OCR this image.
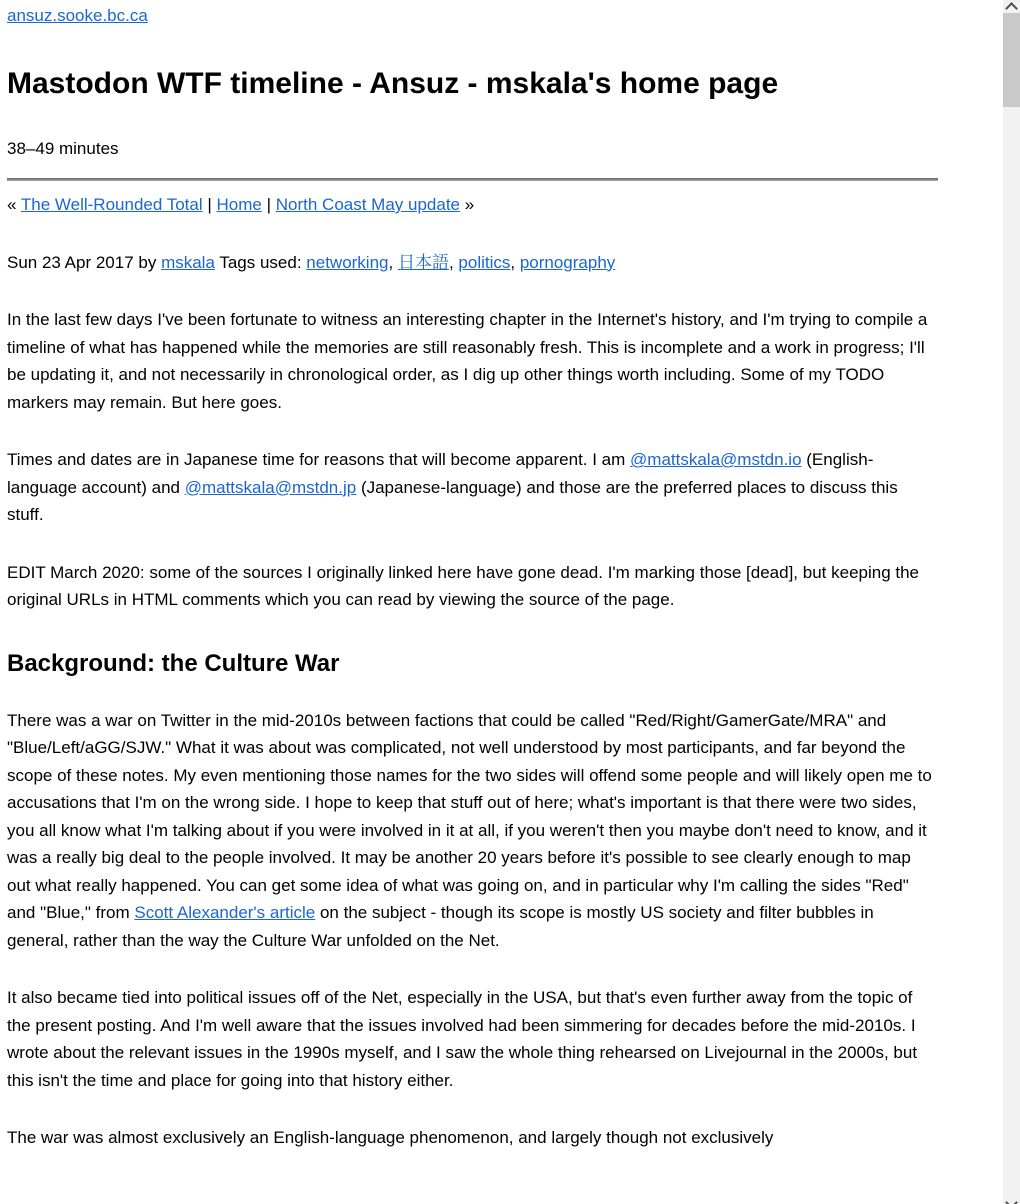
ansuz.sooke.bc.ca
Mastodon WTF timeline - Ansuz - mskala's home page
38–49 minutes
« The Well-Rounded Total | Home | North Coast May update »
Sun 23 Apr 2017 by mskala Tags used: networking, 日本語, politics, pornography

In the last few days I've been fortunate to witness an interesting chapter in the Internet's history, and I'm trying to compile a timeline of what has happened while the memories are still reasonably fresh. This is incomplete and a work in progress; I'll be updating it, and not necessarily in chronological order, as I dig up other things worth including. Some of my TODO markers may remain. But here goes.

Times and dates are in Japanese time for reasons that will become apparent. I am @mattskala@mstdn.io (English-language account) and @mattskala@mstdn.jp (Japanese-language) and those are the preferred places to discuss this stuff.

EDIT March 2020: some of the sources I originally linked here have gone dead. I'm marking those [dead], but keeping the original URLs in HTML comments which you can read by viewing the source of the page.

Background: the Culture War

There was a war on Twitter in the mid-2010s between factions that could be called "Red/Right/GamerGate/MRA" and "Blue/Left/aGG/SJW." What it was about was complicated, not well understood by most participants, and far beyond the scope of these notes. My even mentioning those names for the two sides will offend some people and will likely open me to accusations that I'm on the wrong side. I hope to keep that stuff out of here; what's important is that there were two sides, you all know what I'm talking about if you were involved in it at all, if you weren't then you maybe don't need to know, and it was a really big deal to the people involved. It may be another 20 years before it's possible to see clearly enough to map out what really happened. You can get some idea of what was going on, and in particular why I'm calling the sides "Red" and "Blue," from Scott Alexander's article on the subject - though its scope is mostly US society and filter bubbles in general, rather than the way the Culture War unfolded on the Net.

It also became tied into political issues off of the Net, especially in the USA, but that's even further away from the topic of the present posting. And I'm well aware that the issues involved had been simmering for decades before the mid-2010s. I wrote about the relevant issues in the 1990s myself, and I saw the whole thing rehearsed on Livejournal in the 2000s, but this isn't the time and place for going into that history either.

The war was almost exclusively an English-language phenomenon, and largely though not exclusively
